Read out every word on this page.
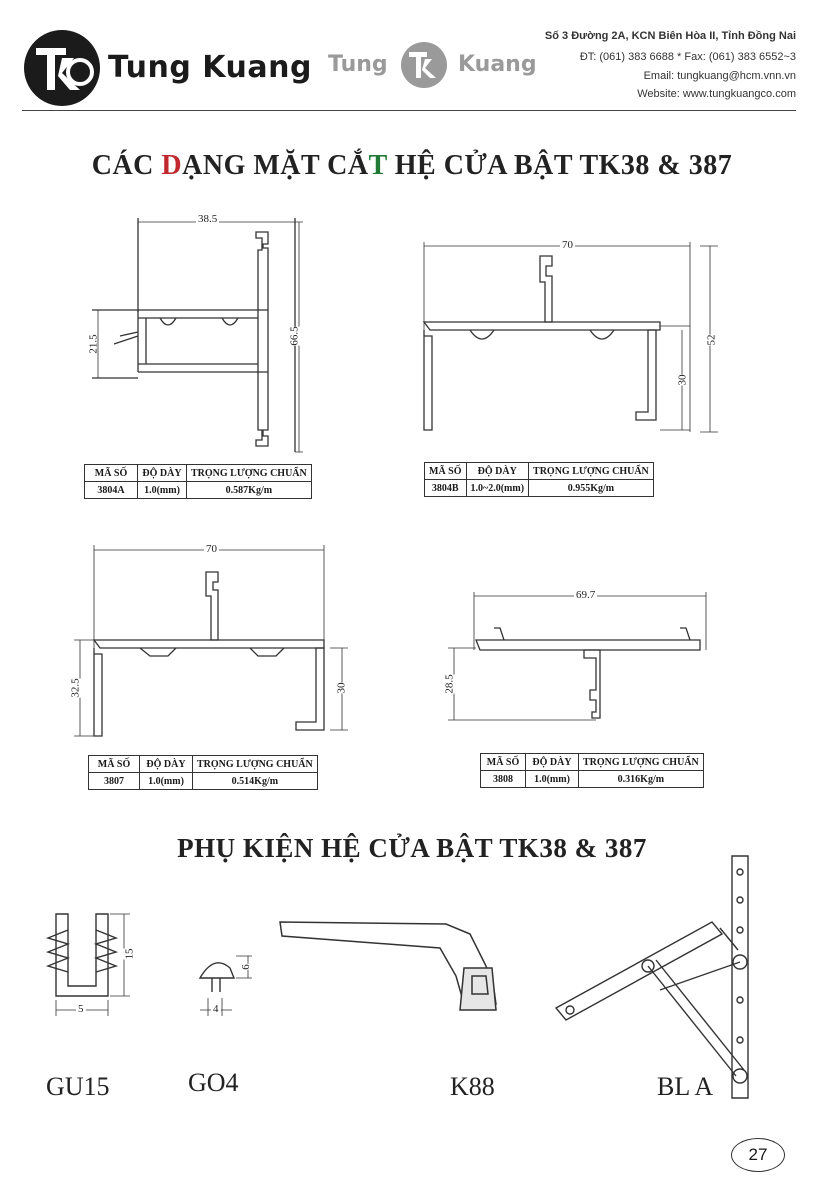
Tung Kuang Tung	Kuang
Số 3 Đường 2A, KCN Biên Hòa II, Tỉnh Đồng Nai
ĐT: (061) 383 6688 * Fax: (061) 383 6552~3
Email: tungkuang@hcm.vnn.vn
Website: www.tungkuangco.com
CÁC DẠNG MẶT CẮT HỆ CỬA BẬT TK38 & 387
38.5
21.5	66.5
70
30
52
70
32.5	30
69.7
28.5
MÃ SỐ	ĐỘ DÀY	TRỌNG LƯỢNG CHUẨN
3804A	1.0(mm)	0.587Kg/m
MÃ SỐ	ĐỘ DÀY	TRỌNG LƯỢNG CHUẨN
3804B	1.0~2.0(mm)	0.955Kg/m
MÃ SỐ	ĐỘ DÀY	TRỌNG LƯỢNG CHUẨN
3807	1.0(mm)	0.514Kg/m
MÃ SỐ	ĐỘ DÀY	TRỌNG LƯỢNG CHUẨN
3808	1.0(mm)	0.316Kg/m
PHỤ KIỆN HỆ CỬA BẬT TK38 & 387
15
5
6
4
GU15	GO4	K88	BL A
27
